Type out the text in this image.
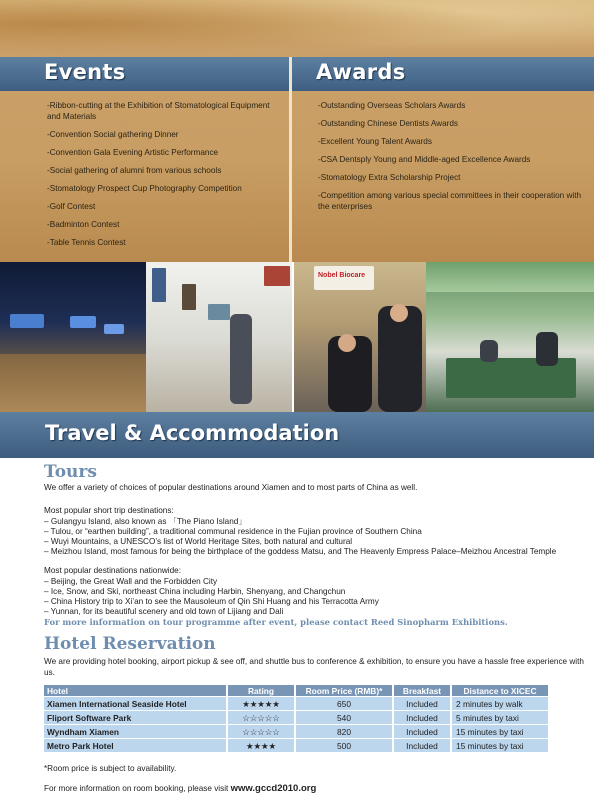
Events	Awards
-Ribbon-cutting at the Exhibition of Stomatological Equipment and Materials
-Convention Social gathering Dinner
-Convention Gala Evening Artistic Performance
-Social gathering of alumni from various schools
-Stomatology Prospect Cup Photography Competition
-Golf Contest
-Badminton Contest
-Table Tennis Contest
-Outstanding Overseas Scholars Awards
-Outstanding Chinese Dentists Awards
-Excellent Young Talent Awards
-CSA Dentsply Young and Middle-aged Excellence Awards
-Stomatology Extra Scholarship Project
-Competition among various special committees in their cooperation with the enterprises
Nobel Biocare
Travel & Accommodation
Tours
We offer a variety of choices of popular destinations around Xiamen and to most parts of China as well.
Most popular short trip destinations:
– Gulangyu Island, also known as 「The Piano Island」
– Tulou, or “earthen building”, a traditional communal residence in the Fujian province of Southern China
– Wuyi Mountains, a UNESCO’s list of World Heritage Sites, both natural and cultural
– Meizhou Island, most famous for being the birthplace of the goddess Matsu, and The Heavenly Empress Palace–Meizhou Ancestral Temple
Most popular destinations nationwide:
– Beijing, the Great Wall and the Forbidden City
– Ice, Snow, and Ski, northeast China including Harbin, Shenyang, and Changchun
– China History trip to Xi’an to see the Mausoleum of Qin Shi Huang and his Terracotta Army
– Yunnan, for its beautiful scenery and old town of Lijiang and Dali
For more information on tour programme after event, please contact Reed Sinopharm Exhibitions.
Hotel Reservation
We are providing hotel booking, airport pickup & see off, and shuttle bus to conference & exhibition, to ensure you have a hassle free experience with us.
Hotel	Rating	Room Price (RMB)*	Breakfast	Distance to XICEC
Xiamen International Seaside Hotel	★★★★★	650	Included	2 minutes by walk
Fliport Software Park	☆☆☆☆☆	540	Included	5 minutes by taxi
Wyndham Xiamen	☆☆☆☆☆	820	Included	15 minutes by taxi
Metro Park Hotel	★★★★	500	Included	15 minutes by taxi
*Room price is subject to availability.
For more information on room booking, please visit www.gccd2010.org
